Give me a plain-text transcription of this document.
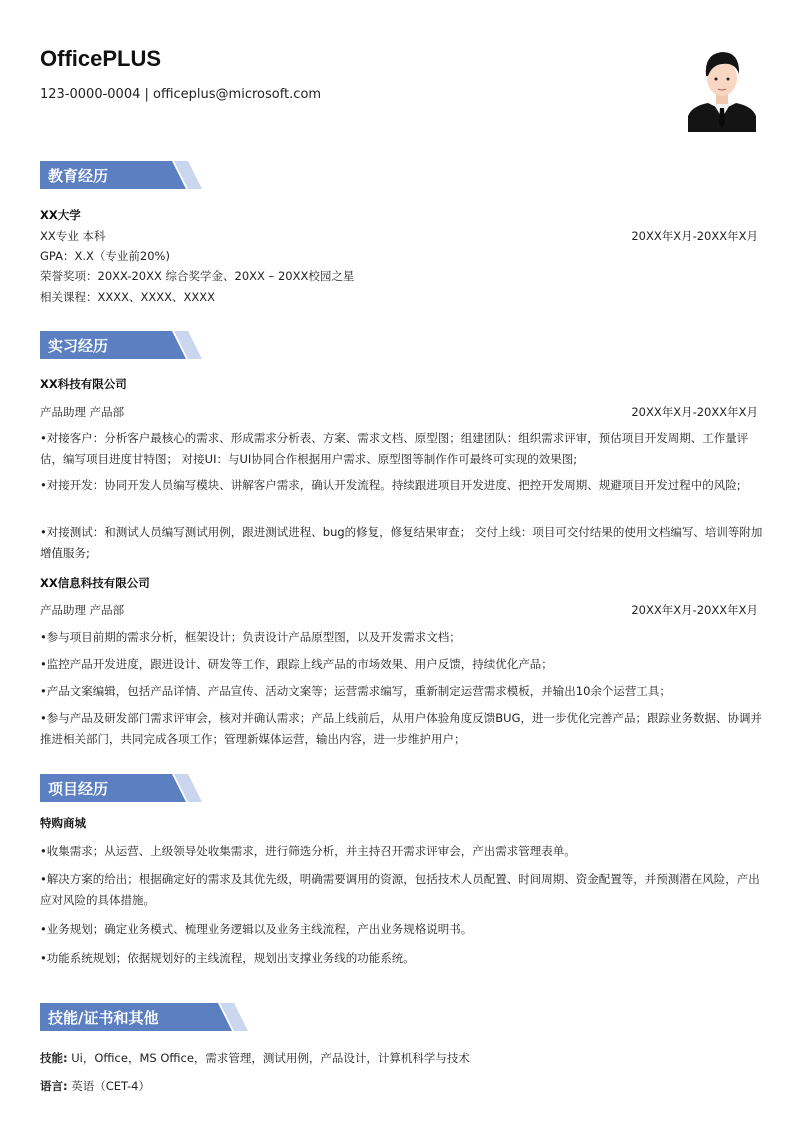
OfficePLUS
123-0000-0004 | officeplus@microsoft.com
教育经历
XX大学
XX专业 本科	20XX年X月-20XX年X月
GPA：X.X（专业前20%)
荣誉奖项：20XX-20XX 综合奖学金、20XX – 20XX校园之星
相关课程：XXXX、XXXX、XXXX
实习经历
XX科技有限公司
产品助理 产品部	20XX年X月-20XX年X月
•对接客户：分析客户最核心的需求、形成需求分析表、方案、需求文档、原型图；组建团队：组织需求评审，预估项目开发周期、工作量评估，编写项目进度甘特图； 对接UI：与UI协同合作根据用户需求、原型图等制作作可最终可实现的效果图;
•对接开发：协同开发人员编写模块、讲解客户需求，确认开发流程。持续跟进项目开发进度、把控开发周期、规避项目开发过程中的风险;
•对接测试：和测试人员编写测试用例，跟进测试进程、bug的修复，修复结果审查； 交付上线：项目可交付结果的使用文档编写、培训等附加增值服务;
XX信息科技有限公司
产品助理 产品部	20XX年X月-20XX年X月
•参与项目前期的需求分析，框架设计；负责设计产品原型图，以及开发需求文档；
•监控产品开发进度，跟进设计、研发等工作，跟踪上线产品的市场效果、用户反馈，持续优化产品；
•产品文案编辑，包括产品详情、产品宣传、活动文案等；运营需求编写，重新制定运营需求模板，并输出10余个运营工具；
•参与产品及研发部门需求评审会，核对并确认需求；产品上线前后，从用户体验角度反馈BUG，进一步优化完善产品；跟踪业务数据、协调并推进相关部门，共同完成各项工作；管理新媒体运营，输出内容，进一步维护用户；
项目经历
特购商城
•收集需求；从运营、上级领导处收集需求，进行筛选分析，并主持召开需求评审会，产出需求管理表单。
•解决方案的给出；根据确定好的需求及其优先级，明确需要调用的资源，包括技术人员配置、时间周期、资金配置等，并预测潜在风险，产出应对风险的具体措施。
•业务规划；确定业务模式、梳理业务逻辑以及业务主线流程，产出业务规格说明书。
•功能系统规划；依据规划好的主线流程，规划出支撑业务线的功能系统。
技能/证书和其他
技能: Ui，Office，MS Office，需求管理，测试用例，产品设计，计算机科学与技术
语言: 英语（CET-4）
